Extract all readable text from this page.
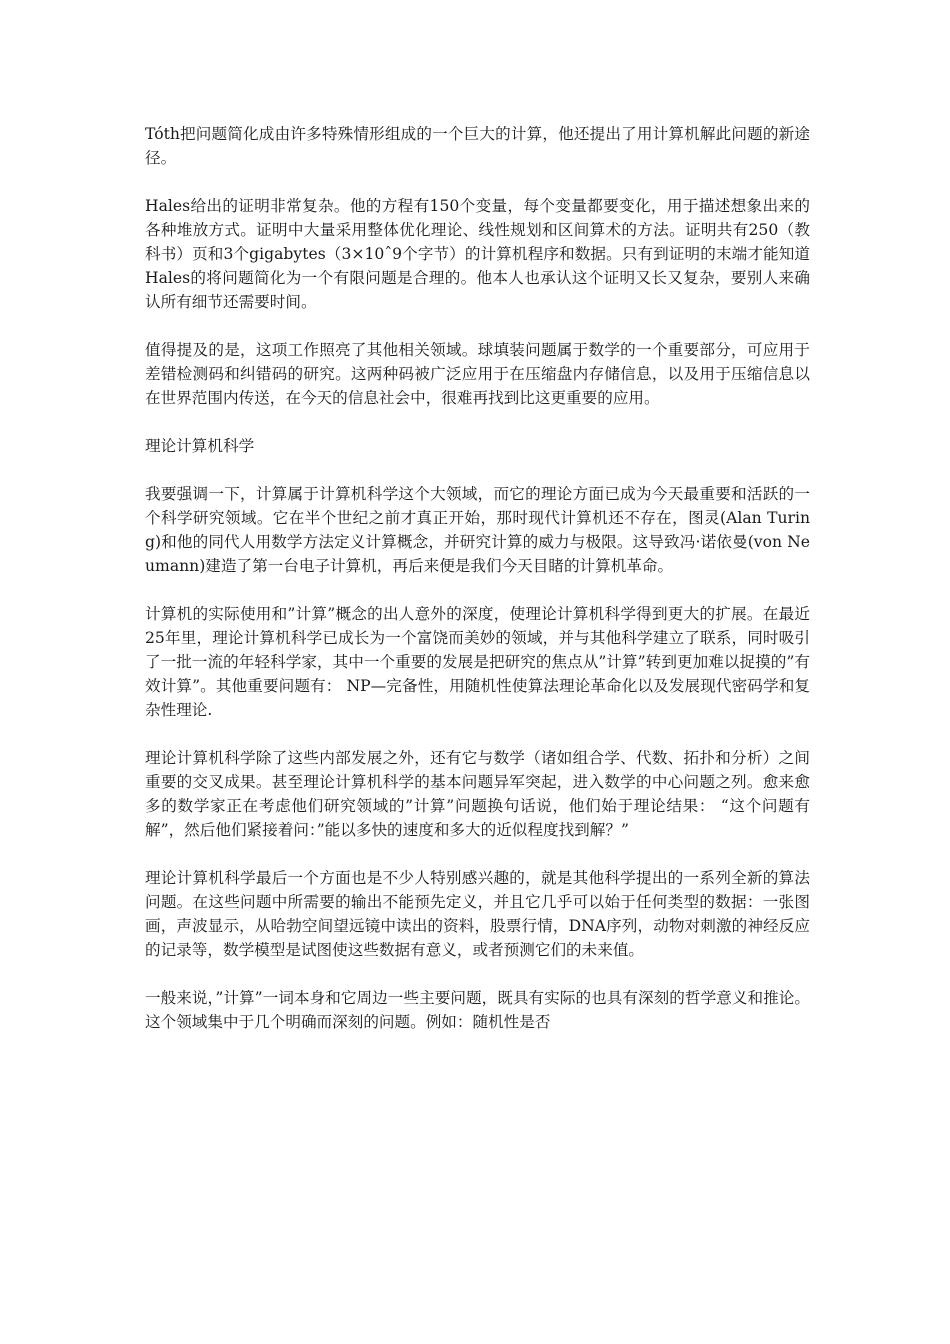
Tóth把问题简化成由许多特殊情形组成的一个巨大的计算，他还提出了用计算机解此问题的新途径。

Hales给出的证明非常复杂。他的方程有150个变量，每个变量都要变化，用于描述想象出来的各种堆放方式。证明中大量采用整体优化理论、线性规划和区间算术的方法。证明共有250（教科书）页和3个gigabytes（3×10ˆ9个字节）的计算机程序和数据。只有到证明的末端才能知道 Hales的将问题简化为一个有限问题是合理的。他本人也承认这个证明又长又复杂，要别人来确认所有细节还需要时间。

值得提及的是，这项工作照亮了其他相关领域。球填装问题属于数学的一个重要部分，可应用于差错检测码和纠错码的研究。这两种码被广泛应用于在压缩盘内存储信息，以及用于压缩信息以在世界范围内传送，在今天的信息社会中，很难再找到比这更重要的应用。

理论计算机科学

我要强调一下，计算属于计算机科学这个大领域，而它的理论方面已成为今天最重要和活跃的一个科学研究领域。它在半个世纪之前才真正开始，那时现代计算机还不存在，图灵(Alan Turing)和他的同代人用数学方法定义计算概念，并研究计算的威力与极限。这导致冯·诺依曼(von Neumann)建造了第一台电子计算机，再后来便是我们今天目睹的计算机革命。

计算机的实际使用和”计算”概念的出人意外的深度，使理论计算机科学得到更大的扩展。在最近25年里，理论计算机科学已成长为一个富饶而美妙的领域，并与其他科学建立了联系，同时吸引了一批一流的年轻科学家，其中一个重要的发展是把研究的焦点从”计算”转到更加难以捉摸的”有效计算”。其他重要问题有： NP—完备性，用随机性使算法理论革命化以及发展现代密码学和复杂性理论.

理论计算机科学除了这些内部发展之外，还有它与数学（诸如组合学、代数、拓扑和分析）之间重要的交叉成果。甚至理论计算机科学的基本问题异军突起，进入数学的中心问题之列。愈来愈多的数学家正在考虑他们研究领域的”计算”问题换句话说，他们始于理论结果： “这个问题有解”，然后他们紧接着问：”能以多快的速度和多大的近似程度找到解？”

理论计算机科学最后一个方面也是不少人特别感兴趣的，就是其他科学提出的一系列全新的算法问题。在这些问题中所需要的输出不能预先定义，并且它几乎可以始于任何类型的数据：一张图画，声波显示，从哈勃空间望远镜中读出的资料，股票行情，DNA序列，动物对刺激的神经反应的记录等，数学模型是试图使这些数据有意义，或者预测它们的未来值。

一般来说，”计算”一词本身和它周边一些主要问题，既具有实际的也具有深刻的哲学意义和推论。这个领域集中于几个明确而深刻的问题。例如：随机性是否
